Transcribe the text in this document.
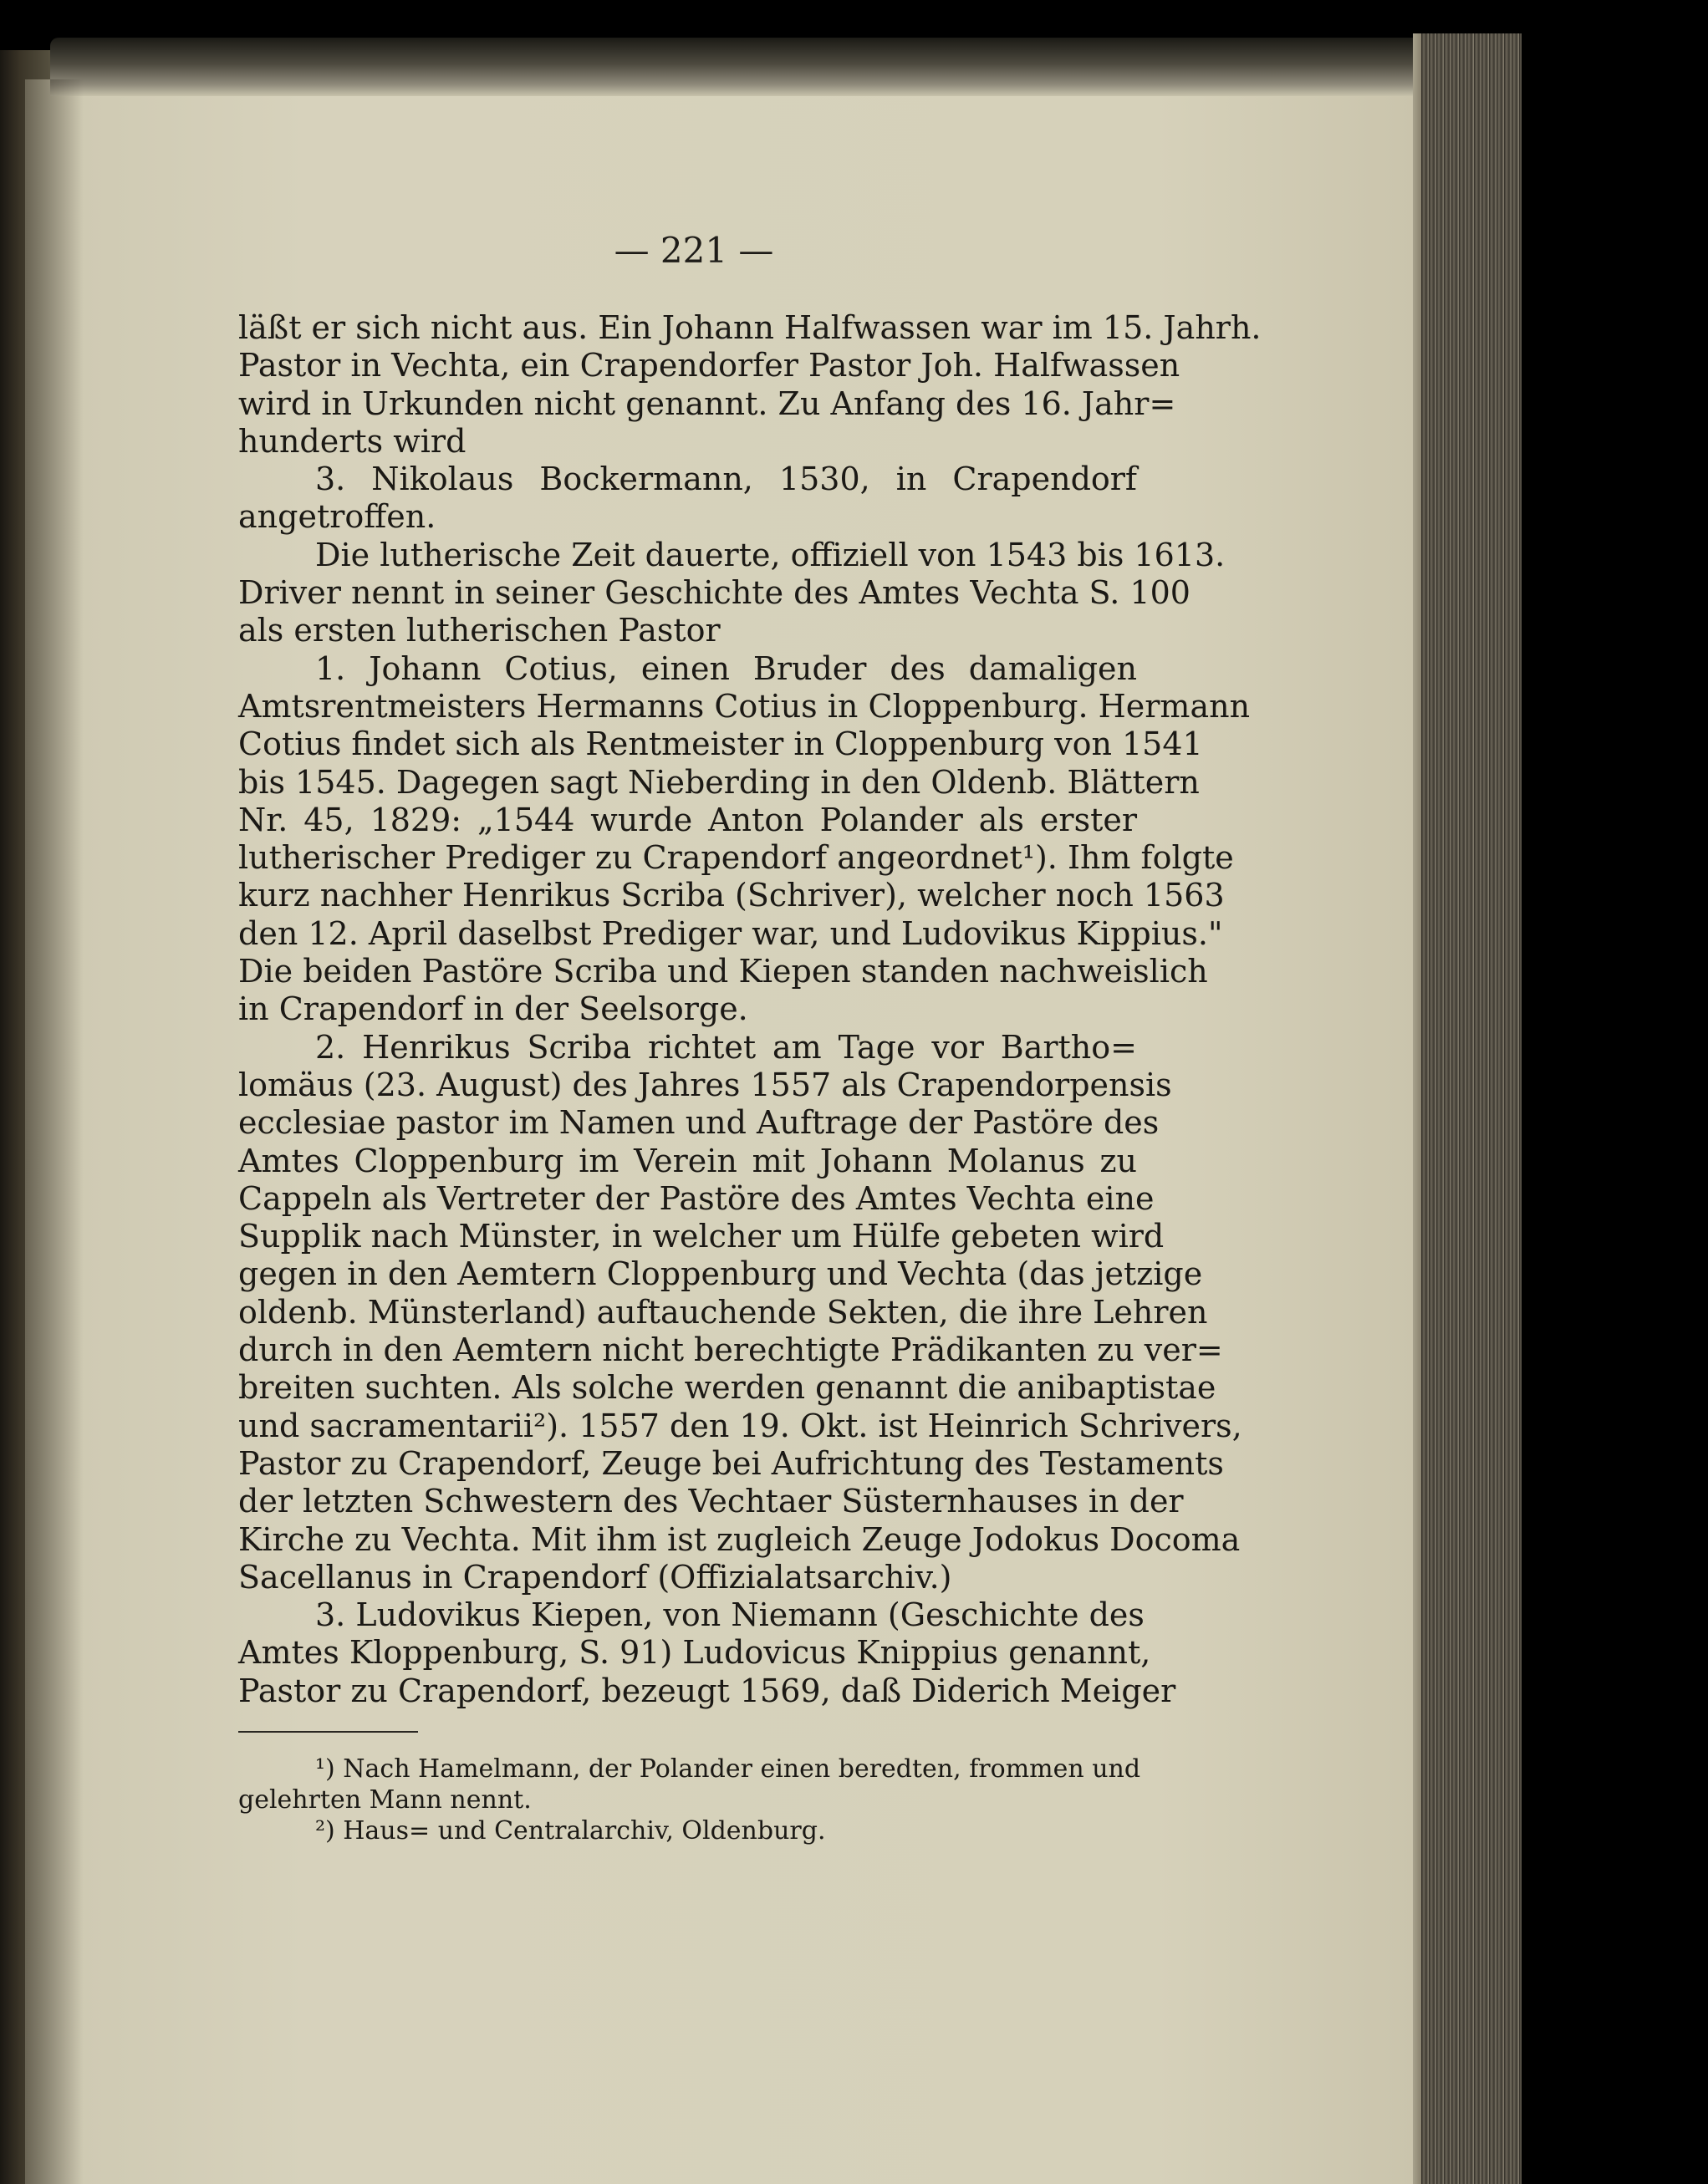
— 221 —
läßt er sich nicht aus. Ein Johann Halfwassen war im 15. Jahrh.
Pastor in Vechta, ein Crapendorfer Pastor Joh. Halfwassen
wird in Urkunden nicht genannt. Zu Anfang des 16. Jahr=
hunderts wird
3. Nikolaus Bockermann, 1530, in Crapendorf
angetroffen.
Die lutherische Zeit dauerte, offiziell von 1543 bis 1613.
Driver nennt in seiner Geschichte des Amtes Vechta S. 100
als ersten lutherischen Pastor
1. Johann Cotius, einen Bruder des damaligen
Amtsrentmeisters Hermanns Cotius in Cloppenburg. Hermann
Cotius findet sich als Rentmeister in Cloppenburg von 1541
bis 1545. Dagegen sagt Nieberding in den Oldenb. Blättern
Nr. 45, 1829: „1544 wurde Anton Polander als erster
lutherischer Prediger zu Crapendorf angeordnet¹). Ihm folgte
kurz nachher Henrikus Scriba (Schriver), welcher noch 1563
den 12. April daselbst Prediger war, und Ludovikus Kippius."
Die beiden Pastöre Scriba und Kiepen standen nachweislich
in Crapendorf in der Seelsorge.
2. Henrikus Scriba richtet am Tage vor Bartho=
lomäus (23. August) des Jahres 1557 als Crapendorpensis
ecclesiae pastor im Namen und Auftrage der Pastöre des
Amtes Cloppenburg im Verein mit Johann Molanus zu
Cappeln als Vertreter der Pastöre des Amtes Vechta eine
Supplik nach Münster, in welcher um Hülfe gebeten wird
gegen in den Aemtern Cloppenburg und Vechta (das jetzige
oldenb. Münsterland) auftauchende Sekten, die ihre Lehren
durch in den Aemtern nicht berechtigte Prädikanten zu ver=
breiten suchten. Als solche werden genannt die anibaptistae
und sacramentarii²). 1557 den 19. Okt. ist Heinrich Schrivers,
Pastor zu Crapendorf, Zeuge bei Aufrichtung des Testaments
der letzten Schwestern des Vechtaer Süsternhauses in der
Kirche zu Vechta. Mit ihm ist zugleich Zeuge Jodokus Docoma
Sacellanus in Crapendorf (Offizialatsarchiv.)
3. Ludovikus Kiepen, von Niemann (Geschichte des
Amtes Kloppenburg, S. 91) Ludovicus Knippius genannt,
Pastor zu Crapendorf, bezeugt 1569, daß Diderich Meiger
¹) Nach Hamelmann, der Polander einen beredten, frommen und
gelehrten Mann nennt.
²) Haus= und Centralarchiv, Oldenburg.
